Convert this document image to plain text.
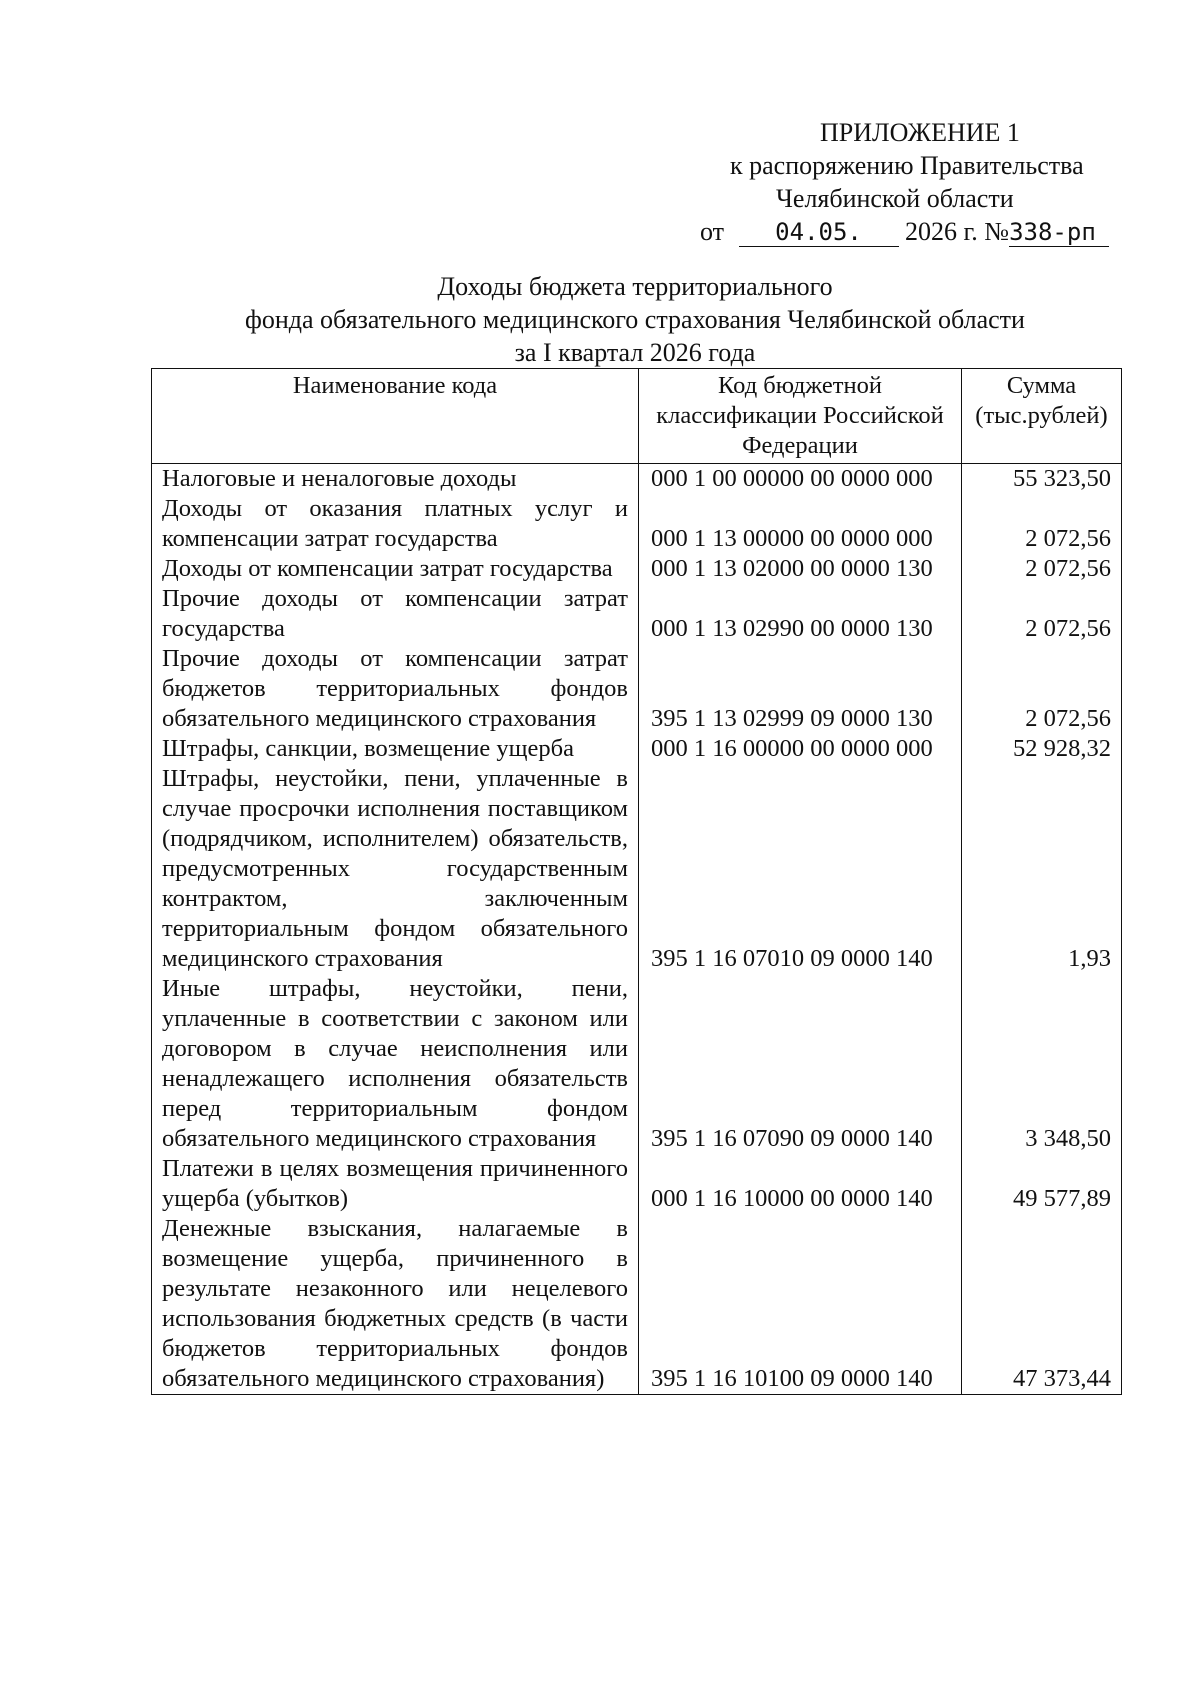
ПРИЛОЖЕНИЕ 1
к распоряжению Правительства
Челябинской области
от 04.05. 2026 г. №338-рп
Доходы бюджета территориального
фонда обязательного медицинского страхования Челябинской области
за I квартал 2026 года
Наименование кода	Код бюджетной классификации Российской Федерации	Сумма (тыс.рублей)
Налоговые и неналоговые доходы	000 1 00 00000 00 0000 000	55 323,50
Доходы от оказания платных услуг и компенсации затрат государства	000 1 13 00000 00 0000 000	2 072,56
Доходы от компенсации затрат государства	000 1 13 02000 00 0000 130	2 072,56
Прочие доходы от компенсации затрат государства	000 1 13 02990 00 0000 130	2 072,56
Прочие доходы от компенсации затрат бюджетов территориальных фондов обязательного медицинского страхования	395 1 13 02999 09 0000 130	2 072,56
Штрафы, санкции, возмещение ущерба	000 1 16 00000 00 0000 000	52 928,32
Штрафы, неустойки, пени, уплаченные в случае просрочки исполнения поставщиком (подрядчиком, исполнителем) обязательств, предусмотренных государственным контрактом, заключенным территориальным фондом обязательного медицинского страхования	395 1 16 07010 09 0000 140	1,93
Иные штрафы, неустойки, пени, уплаченные в соответствии с законом или договором в случае неисполнения или ненадлежащего исполнения обязательств перед территориальным фондом обязательного медицинского страхования	395 1 16 07090 09 0000 140	3 348,50
Платежи в целях возмещения причиненного ущерба (убытков)	000 1 16 10000 00 0000 140	49 577,89
Денежные взыскания, налагаемые в возмещение ущерба, причиненного в результате незаконного или нецелевого использования бюджетных средств (в части бюджетов территориальных фондов обязательного медицинского страхования)	395 1 16 10100 09 0000 140	47 373,44
